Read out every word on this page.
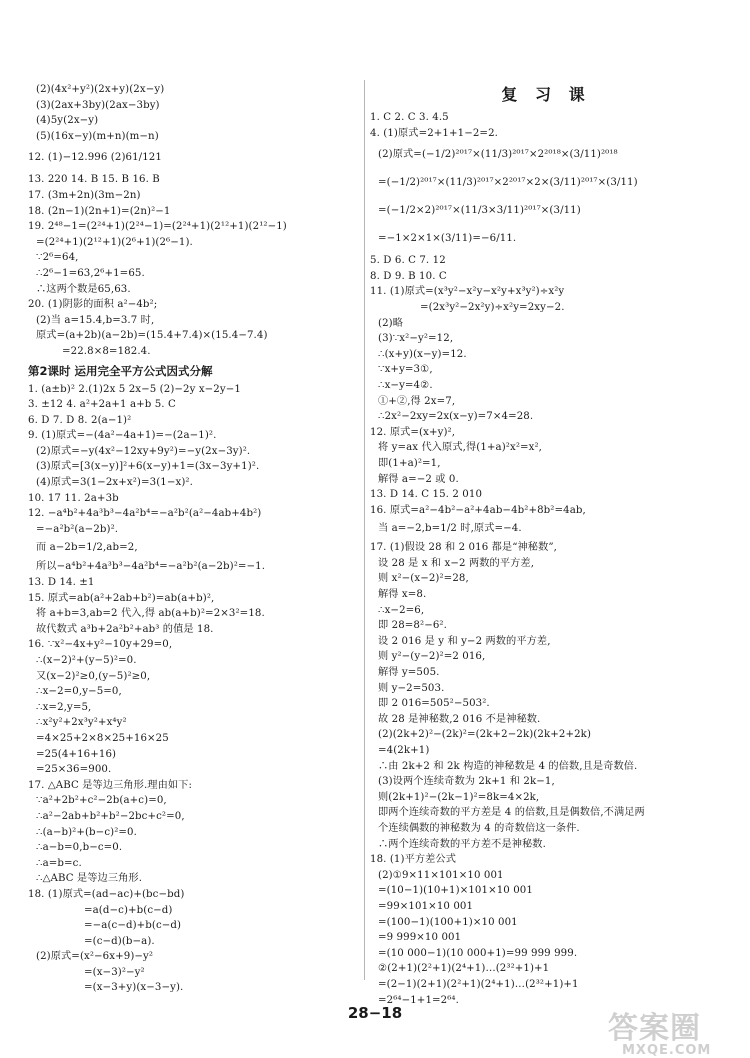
(2)(4x²+y²)(2x+y)(2x−y)
(3)(2ax+3by)(2ax−3by)
(4)5y(2x−y)
(5)(16x−y)(m+n)(m−n)
12. (1)−12.996 (2)61/121
13. 220 14. B 15. B 16. B
17. (3m+2n)(3m−2n)
18. (2n−1)(2n+1)=(2n)²−1
19. 2⁴⁸−1=(2²⁴+1)(2²⁴−1)=(2²⁴+1)(2¹²+1)(2¹²−1)
=(2²⁴+1)(2¹²+1)(2⁶+1)(2⁶−1).
∵2⁶=64,
∴2⁶−1=63,2⁶+1=65.
∴这两个数是65,63.
20. (1)阴影的面积 a²−4b²;
(2)当 a=15.4,b=3.7 时,
原式=(a+2b)(a−2b)=(15.4+7.4)×(15.4−7.4)
=22.8×8=182.4.
第2课时 运用完全平方公式因式分解
1. (a±b)² 2.(1)2x 5 2x−5 (2)−2y x−2y−1
3. ±12 4. a²+2a+1 a+b 5. C
6. D 7. D 8. 2(a−1)²
9. (1)原式=−(4a²−4a+1)=−(2a−1)².
(2)原式=−y(4x²−12xy+9y²)=−y(2x−3y)².
(3)原式=[3(x−y)]²+6(x−y)+1=(3x−3y+1)².
(4)原式=3(1−2x+x²)=3(1−x)².
10. 17 11. 2a+3b
12. −a⁴b²+4a³b³−4a²b⁴=−a²b²(a²−4ab+4b²)
=−a²b²(a−2b)².
而 a−2b=1/2,ab=2,
所以−a⁴b²+4a³b³−4a²b⁴=−a²b²(a−2b)²=−1.
13. D 14. ±1
15. 原式=ab(a²+2ab+b²)=ab(a+b)²,
将 a+b=3,ab=2 代入,得 ab(a+b)²=2×3²=18.
故代数式 a³b+2a²b²+ab³ 的值是 18.
16. ∵x²−4x+y²−10y+29=0,
∴(x−2)²+(y−5)²=0.
又(x−2)²≥0,(y−5)²≥0,
∴x−2=0,y−5=0,
∴x=2,y=5,
∴x²y²+2x³y²+x⁴y²
=4×25+2×8×25+16×25
=25(4+16+16)
=25×36=900.
17. △ABC 是等边三角形.理由如下:
∵a²+2b²+c²−2b(a+c)=0,
∴a²−2ab+b²+b²−2bc+c²=0,
∴(a−b)²+(b−c)²=0.
∴a−b=0,b−c=0.
∴a=b=c.
∴△ABC 是等边三角形.
18. (1)原式=(ad−ac)+(bc−bd)
=a(d−c)+b(c−d)
=−a(c−d)+b(c−d)
=(c−d)(b−a).
(2)原式=(x²−6x+9)−y²
=(x−3)²−y²
=(x−3+y)(x−3−y).
复 习 课
1. C 2. C 3. 4.5
4. (1)原式=2+1+1−2=2.
(2)原式=(−1/2)²⁰¹⁷×(11/3)²⁰¹⁷×2²⁰¹⁸×(3/11)²⁰¹⁸
=(−1/2)²⁰¹⁷×(11/3)²⁰¹⁷×2²⁰¹⁷×2×(3/11)²⁰¹⁷×(3/11)
=(−1/2×2)²⁰¹⁷×(11/3×3/11)²⁰¹⁷×(3/11)
=−1×2×1×(3/11)=−6/11.
5. D 6. C 7. 12
8. D 9. B 10. C
11. (1)原式=(x³y²−x²y−x²y+x³y²)÷x²y
=(2x³y²−2x²y)÷x²y=2xy−2.
(2)略
(3)∵x²−y²=12,
∴(x+y)(x−y)=12.
∵x+y=3①,
∴x−y=4②.
①+②,得 2x=7,
∴2x²−2xy=2x(x−y)=7×4=28.
12. 原式=(x+y)²,
将 y=ax 代入原式,得(1+a)²x²=x²,
即(1+a)²=1,
解得 a=−2 或 0.
13. D 14. C 15. 2 010
16. 原式=a²−4b²−a²+4ab−4b²+8b²=4ab,
当 a=−2,b=1/2 时,原式=−4.
17. (1)假设 28 和 2 016 都是“神秘数”,
设 28 是 x 和 x−2 两数的平方差,
则 x²−(x−2)²=28,
解得 x=8.
∴x−2=6,
即 28=8²−6².
设 2 016 是 y 和 y−2 两数的平方差,
则 y²−(y−2)²=2 016,
解得 y=505.
则 y−2=503.
即 2 016=505²−503².
故 28 是神秘数,2 016 不是神秘数.
(2)(2k+2)²−(2k)²=(2k+2−2k)(2k+2+2k)
=4(2k+1)
∴由 2k+2 和 2k 构造的神秘数是 4 的倍数,且是奇数倍.
(3)设两个连续奇数为 2k+1 和 2k−1,
则(2k+1)²−(2k−1)²=8k=4×2k,
即两个连续奇数的平方差是 4 的倍数,且是偶数倍,不满足两
个连续偶数的神秘数为 4 的奇数倍这一条件.
∴两个连续奇数的平方差不是神秘数.
18. (1)平方差公式
(2)①9×11×101×10 001
=(10−1)(10+1)×101×10 001
=99×101×10 001
=(100−1)(100+1)×10 001
=9 999×10 001
=(10 000−1)(10 000+1)=99 999 999.
②(2+1)(2²+1)(2⁴+1)…(2³²+1)+1
=(2−1)(2+1)(2²+1)(2⁴+1)…(2³²+1)+1
=2⁶⁴−1+1=2⁶⁴.
28−18	答案圈
MXQE.COM
